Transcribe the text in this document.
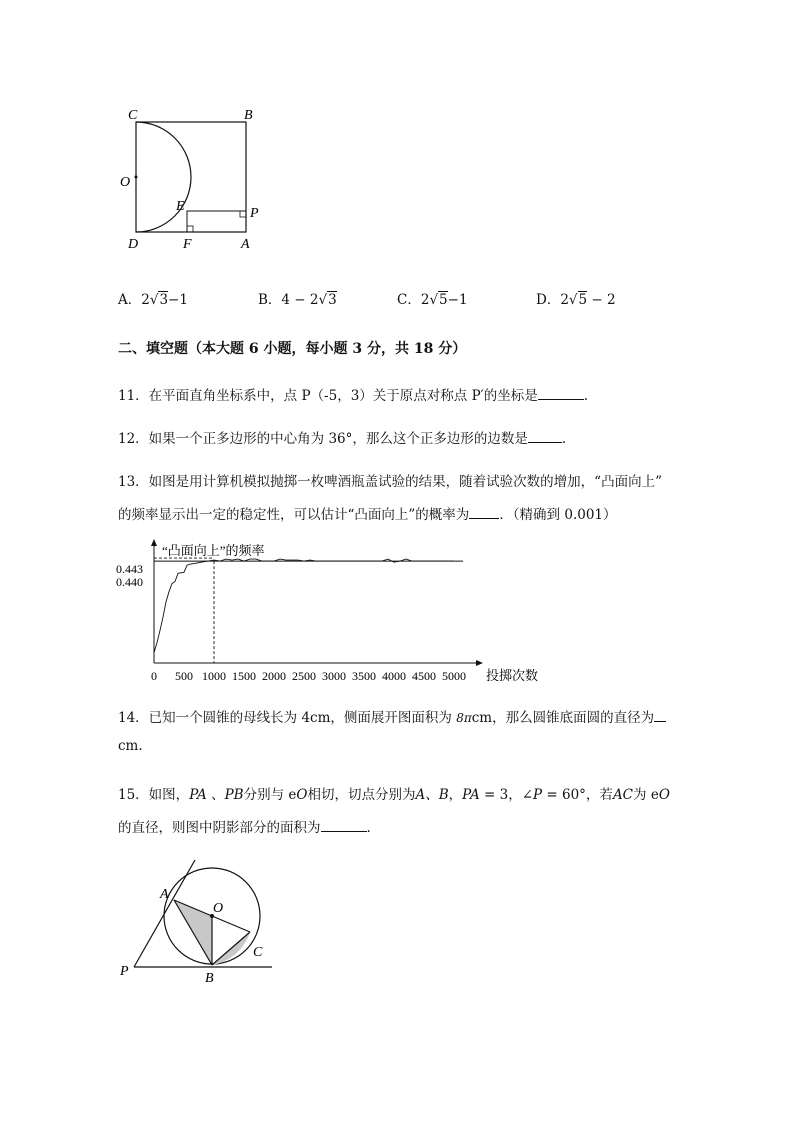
C	B
O
E	P
D	F	A
A．2√3−1	B．4 − 2√3	C．2√5−1	D．2√5 − 2
二、填空题（本大题 6 小题，每小题 3 分，共 18 分）
11．在平面直角坐标系中，点 P（-5，3）关于原点对称点 P′的坐标是	.
12．如果一个正多边形的中心角为 36°，那么这个正多边形的边数是	.
13．如图是用计算机模拟抛掷一枚啤酒瓶盖试验的结果，随着试验次数的增加，“凸面向上”
的频率显示出一定的稳定性，可以估计“凸面向上”的概率为 ．（精确到 0.001）
“凸面向上”的频率
投掷次数
0.443
0.440
0 500 1000 1500 2000 2500 3000 3500 4000 4500 5000
14．已知一个圆锥的母线长为 4cm，侧面展开图面积为 8πcm，那么圆锥底面圆的直径为
cm.
15．如图，PA 、PB分别与 eO相切，切点分别为A、B，PA = 3，∠P = 60°，若AC为 eO
的直径，则图中阴影部分的面积为	.
A
O
C
P	B
